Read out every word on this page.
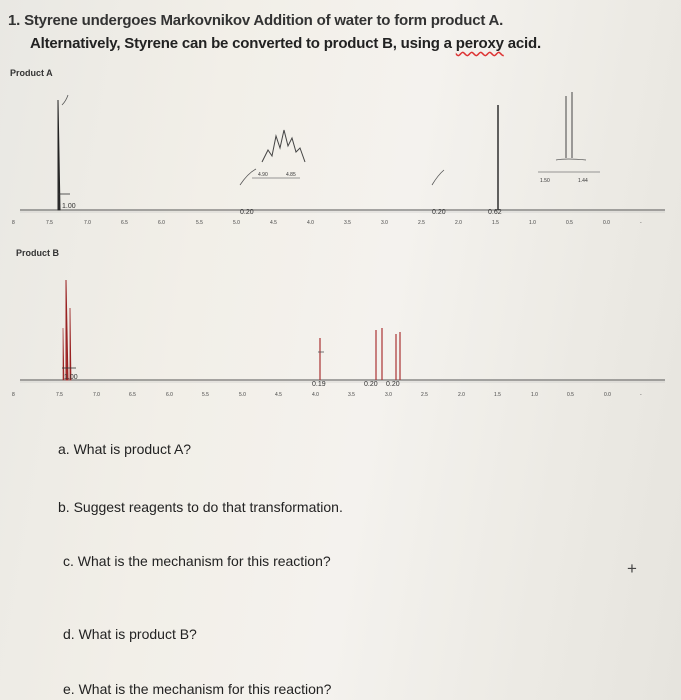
1. Styrene undergoes Markovnikov Addition of water to form product A.
Alternatively, Styrene can be converted to product B, using a peroxy acid.
Product A
4.90	4.85
1.50	1.44
1.00
0.20	0.20	0.62
8	7.5	7.0	6.5	6.0	5.5	5.0	4.5	4.0	3.5	3.0	2.5	2.0	1.5	1.0	0.5	0.0	-
Product B
1.00
0.19	0.20 0.20
8	7.5	7.0	6.5	6.0	5.5	5.0	4.5	4.0	3.5	3.0	2.5	2.0	1.5	1.0	0.5	0.0	-
a. What is product A?
b. Suggest reagents to do that transformation.
c. What is the mechanism for this reaction?
d. What is product B?
e. What is the mechanism for this reaction?
+
